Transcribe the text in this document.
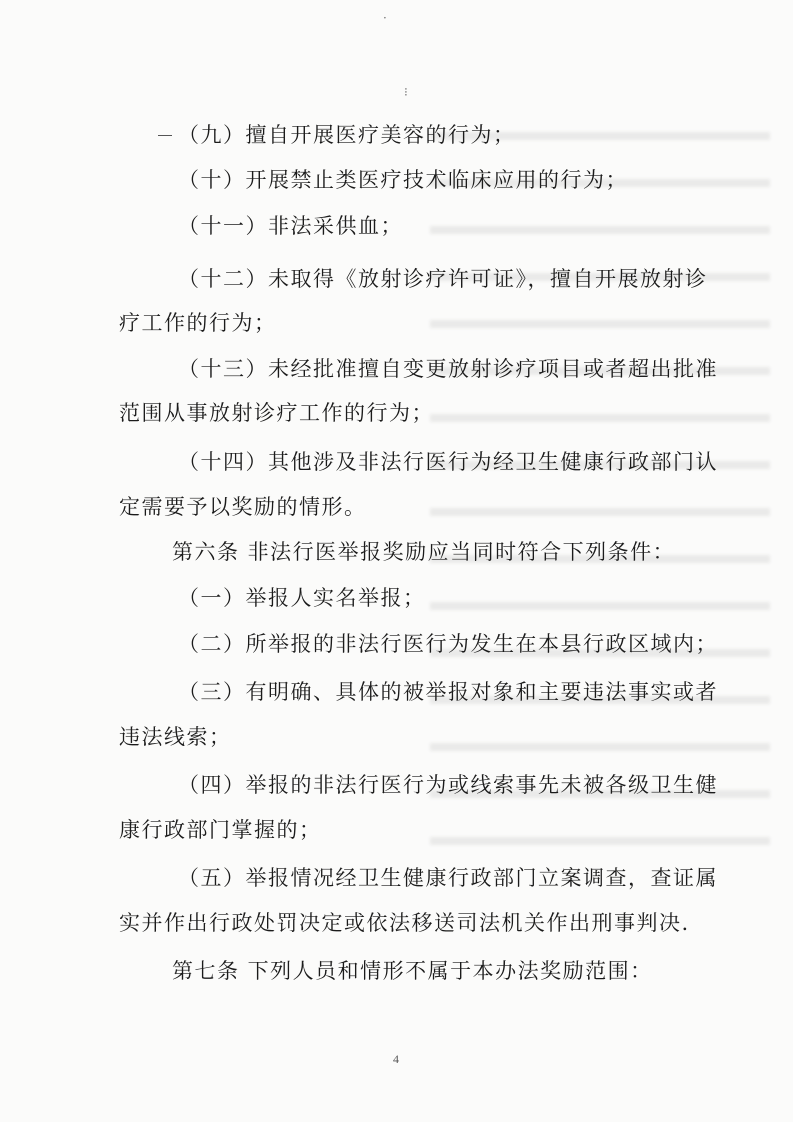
·
⁝
（九）擅自开展医疗美容的行为；
（十）开展禁止类医疗技术临床应用的行为；
（十一）非法采供血；
（十二）未取得《放射诊疗许可证》，擅自开展放射诊
疗工作的行为；
（十三）未经批准擅自变更放射诊疗项目或者超出批准
范围从事放射诊疗工作的行为；
（十四）其他涉及非法行医行为经卫生健康行政部门认
定需要予以奖励的情形。
第六条 非法行医举报奖励应当同时符合下列条件：
（一）举报人实名举报；
（二）所举报的非法行医行为发生在本县行政区域内；
（三）有明确、具体的被举报对象和主要违法事实或者
违法线索；
（四）举报的非法行医行为或线索事先未被各级卫生健
康行政部门掌握的；
（五）举报情况经卫生健康行政部门立案调查，查证属
实并作出行政处罚决定或依法移送司法机关作出刑事判决.
第七条 下列人员和情形不属于本办法奖励范围：
4
